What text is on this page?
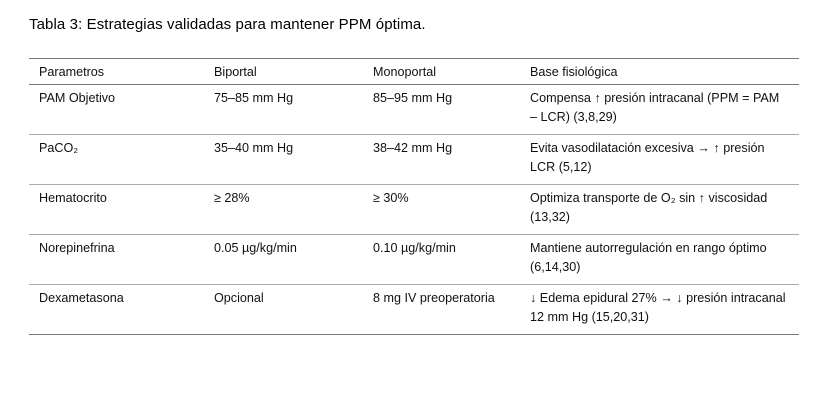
Tabla 3: Estrategias validadas para mantener PPM óptima.
Parametros	Biportal	Monoportal	Base fisiológica
PAM Objetivo	75–85 mm Hg	85–95 mm Hg	Compensa ↑ presión intracanal (PPM = PAM – LCR) (3,8,29)
PaCO₂	35–40 mm Hg	38–42 mm Hg	Evita vasodilatación excesiva → ↑ presión LCR (5,12)
Hematocrito	≥ 28%	≥ 30%	Optimiza transporte de O₂ sin ↑ viscosidad (13,32)
Norepinefrina	0.05 µg/kg/min	0.10 µg/kg/min	Mantiene autorregulación en rango óptimo (6,14,30)
Dexametasona	Opcional	8 mg IV preoperatoria	↓ Edema epidural 27% → ↓ presión intracanal 12 mm Hg (15,20,31)
